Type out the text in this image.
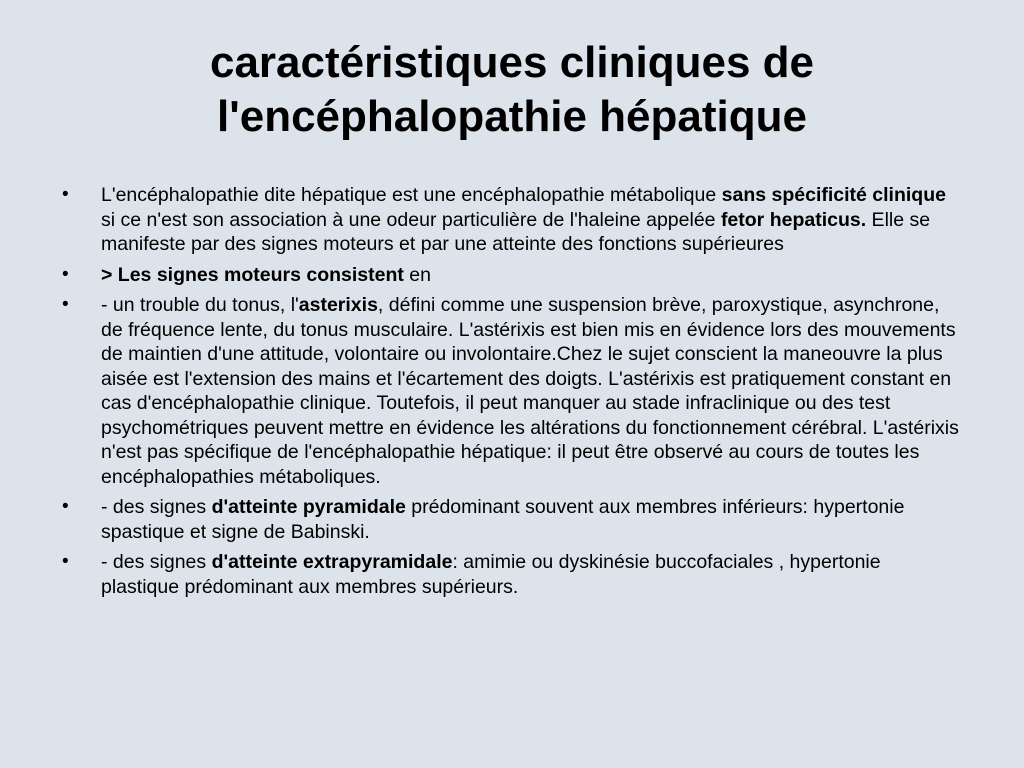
caractéristiques cliniques de
l'encéphalopathie hépatique
• L'encéphalopathie dite hépatique est une encéphalopathie métabolique sans spécificité clinique si ce n'est son association à une odeur particulière de l'haleine appelée fetor hepaticus. Elle se manifeste par des signes moteurs et par une atteinte des fonctions supérieures
• > Les signes moteurs consistent en
• - un trouble du tonus, l'asterixis, défini comme une suspension brève, paroxystique, asynchrone, de fréquence lente, du tonus musculaire. L'astérixis est bien mis en évidence lors des mouvements de maintien d'une attitude, volontaire ou involontaire.Chez le sujet conscient la maneouvre la plus aisée est l'extension des mains et l'écartement des doigts. L'astérixis est pratiquement constant en cas d'encéphalopathie clinique. Toutefois, il peut manquer au stade infraclinique ou des test psychométriques peuvent mettre en évidence les altérations du fonctionnement cérébral. L'astérixis n'est pas spécifique de l'encéphalopathie hépatique: il peut être observé au cours de toutes les encéphalopathies métaboliques.
• - des signes d'atteinte pyramidale prédominant souvent aux membres inférieurs: hypertonie spastique et signe de Babinski.
• - des signes d'atteinte extrapyramidale: amimie ou dyskinésie buccofaciales , hypertonie plastique prédominant aux membres supérieurs.
